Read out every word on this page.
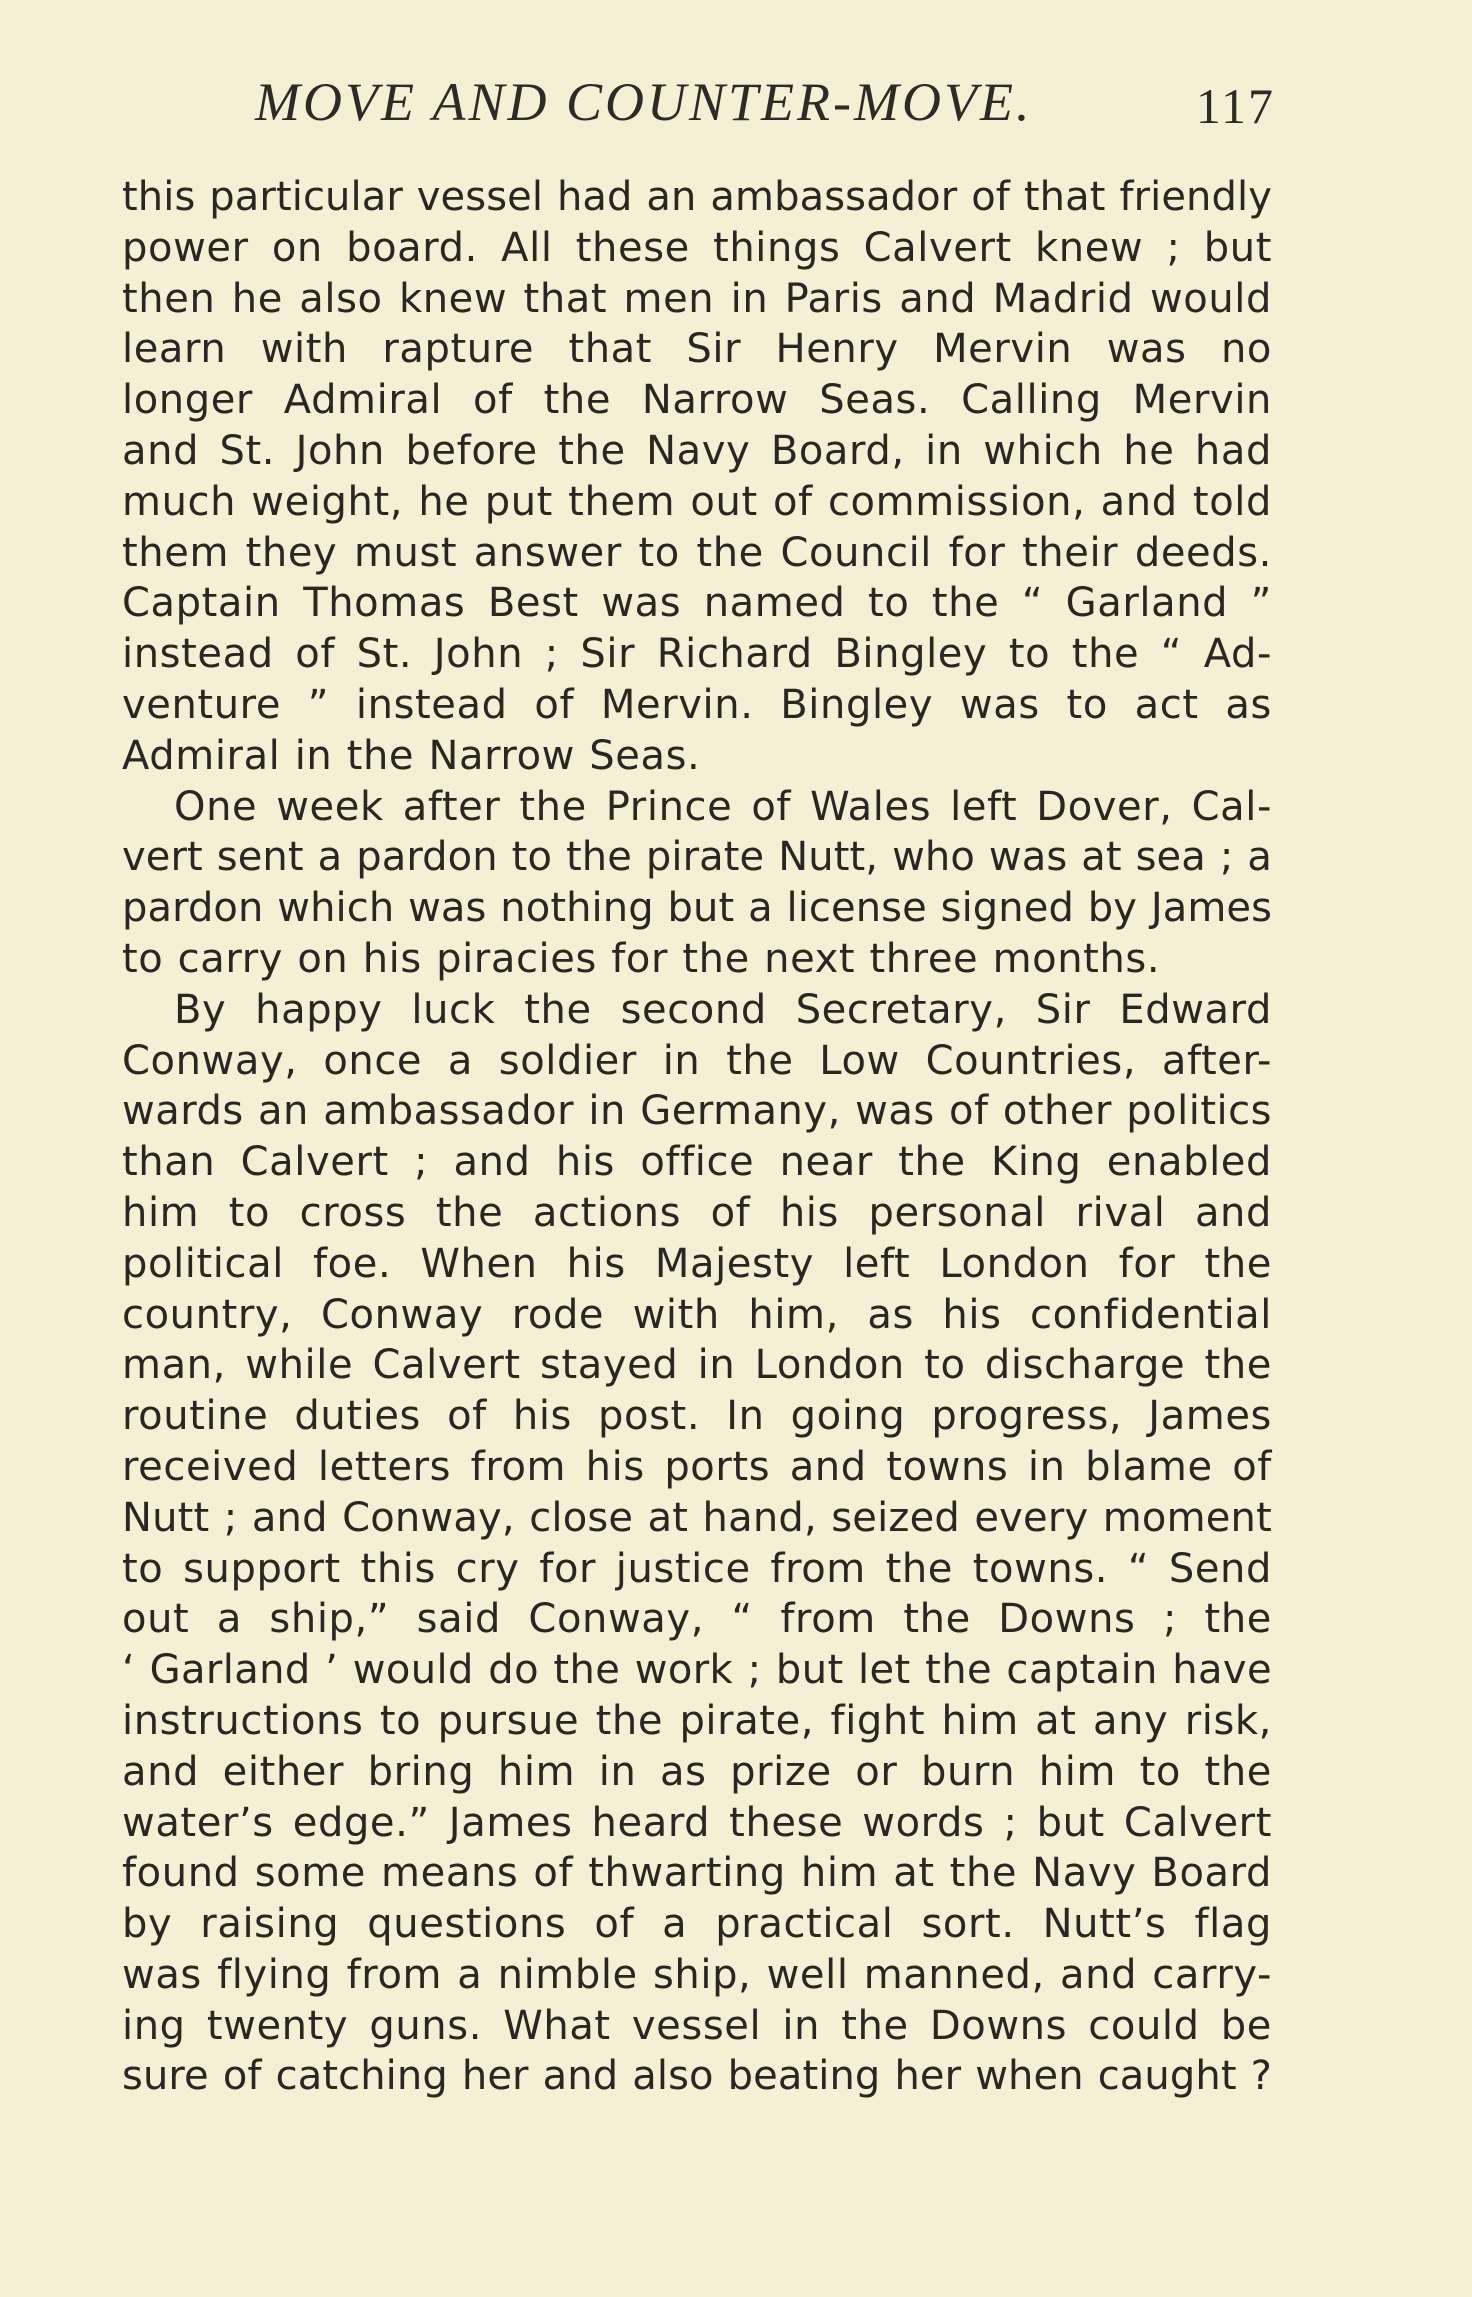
MOVE AND COUNTER-MOVE.	117
this particular vessel had an ambassador of that friendly
power on board. All these things Calvert knew ; but
then he also knew that men in Paris and Madrid would
learn with rapture that Sir Henry Mervin was no
longer Admiral of the Narrow Seas. Calling Mervin
and St. John before the Navy Board, in which he had
much weight, he put them out of commission, and told
them they must answer to the Council for their deeds.
Captain Thomas Best was named to the “ Garland ”
instead of St. John ; Sir Richard Bingley to the “ Ad-
venture ” instead of Mervin. Bingley was to act as
Admiral in the Narrow Seas.
One week after the Prince of Wales left Dover, Cal-
vert sent a pardon to the pirate Nutt, who was at sea ; a
pardon which was nothing but a license signed by James
to carry on his piracies for the next three months.
By happy luck the second Secretary, Sir Edward
Conway, once a soldier in the Low Countries, after-
wards an ambassador in Germany, was of other politics
than Calvert ; and his office near the King enabled
him to cross the actions of his personal rival and
political foe. When his Majesty left London for the
country, Conway rode with him, as his confidential
man, while Calvert stayed in London to discharge the
routine duties of his post. In going progress, James
received letters from his ports and towns in blame of
Nutt ; and Conway, close at hand, seized every moment
to support this cry for justice from the towns. “ Send
out a ship,” said Conway, “ from the Downs ; the
‘ Garland ’ would do the work ; but let the captain have
instructions to pursue the pirate, fight him at any risk,
and either bring him in as prize or burn him to the
water’s edge.” James heard these words ; but Calvert
found some means of thwarting him at the Navy Board
by raising questions of a practical sort. Nutt’s flag
was flying from a nimble ship, well manned, and carry-
ing twenty guns. What vessel in the Downs could be
sure of catching her and also beating her when caught ?
